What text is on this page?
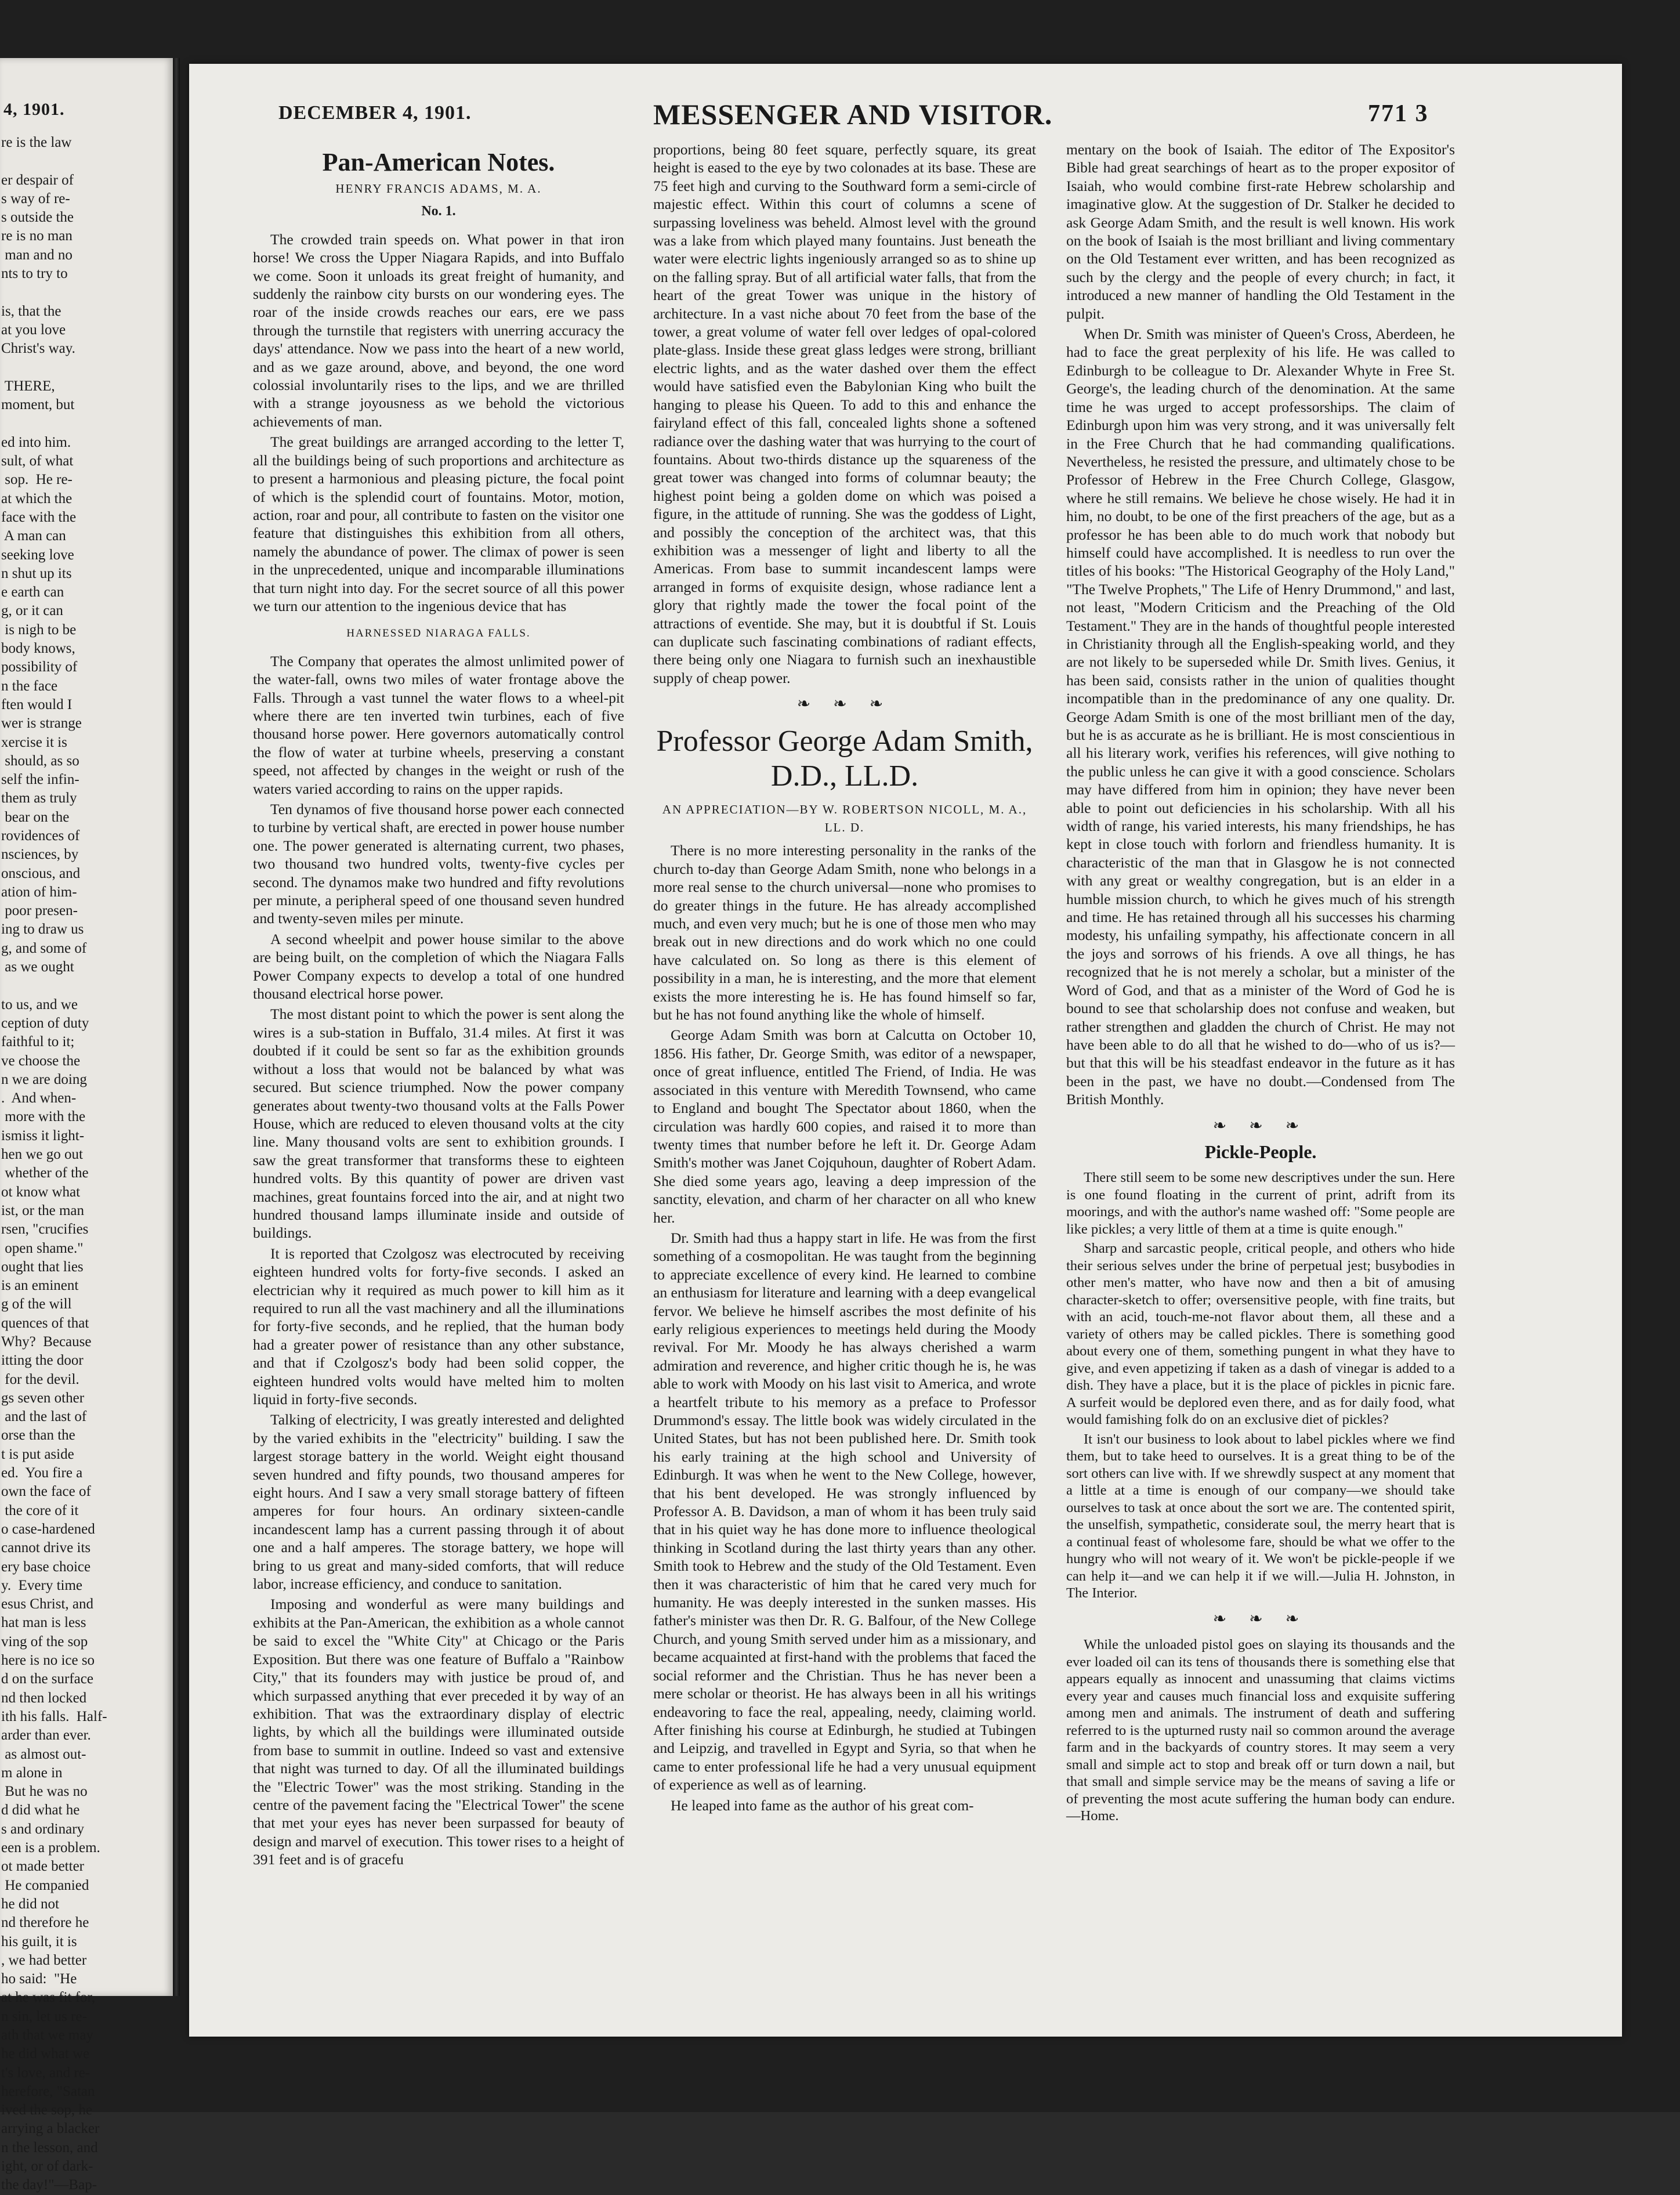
4, 1901.
re is the law

er despair of
s way of re-
s outside the
re is no man
man and no
nts to try to

is, that the
at you love
Christ's way.

THERE,
moment, but

ed into him.
sult, of what
sop.  He re-
at which the
face with the
A man can
seeking love
n shut up its
e earth can
g, or it can
is nigh to be
body knows,
possibility of
n the face
ften would I
wer is strange
xercise it is
should, as so
self the infin-
them as truly
bear on the
rovidences of
nsciences, by
onscious, and
ation of him-
poor presen-
ing to draw us
g, and some of
as we ought

to us, and we
ception of duty
faithful to it;
ve choose the
n we are doing
.  And when-
more with the
ismiss it light-
hen we go out
whether of the
ot know what
ist, or the man
rsen, "crucifies
open shame."
ought that lies
is an eminent
g of the will
quences of that
Why?  Because
itting the door
for the devil.
gs seven other
and the last of
orse than the
t is put aside
ed.  You fire a
own the face of
the core of it
o case-hardened
cannot drive its
ery base choice
y.  Every time
esus Christ, and
hat man is less
ving of the sop
here is no ice so
d on the surface
nd then locked
ith his falls.  Half-
arder than ever.
as almost out-
m alone in
But he was no
d did what he
s and ordinary
een is a problem.
ot made better
He companied
he did not
nd therefore he
his guilt, it is
, we had better
ho said:  "He
at he was fit for,
n sin, let us re-
ath that we may
he did what we
t's love, and re-
herefore, "Satan
ived the sop, he
arrying a blacker
n the lesson, and
ight, or of dark-
the day!"—Bap-
DECEMBER 4, 1901.	MESSENGER AND VISITOR.	771 3
Pan-American Notes.
HENRY FRANCIS ADAMS, M. A.
No. 1.

The crowded train speeds on. What power in that iron horse! We cross the Upper Niagara Rapids, and into Buffalo we come. Soon it unloads its great freight of humanity, and suddenly the rainbow city bursts on our wondering eyes. The roar of the inside crowds reaches our ears, ere we pass through the turnstile that registers with unerring accuracy the days' attendance. Now we pass into the heart of a new world, and as we gaze around, above, and beyond, the one word colossial involuntarily rises to the lips, and we are thrilled with a strange joyousness as we behold the victorious achievements of man.

The great buildings are arranged according to the letter T, all the buildings being of such proportions and architecture as to present a harmonious and pleasing picture, the focal point of which is the splendid court of fountains. Motor, motion, action, roar and pour, all contribute to fasten on the visitor one feature that distinguishes this exhibition from all others, namely the abundance of power. The climax of power is seen in the unprecedented, unique and incomparable illuminations that turn night into day. For the secret source of all this power we turn our attention to the ingenious device that has

HARNESSED NIARAGA FALLS.

The Company that operates the almost unlimited power of the water-fall, owns two miles of water frontage above the Falls. Through a vast tunnel the water flows to a wheel-pit where there are ten inverted twin turbines, each of five thousand horse power. Here governors automatically control the flow of water at turbine wheels, preserving a constant speed, not affected by changes in the weight or rush of the waters varied according to rains on the upper rapids.

Ten dynamos of five thousand horse power each connected to turbine by vertical shaft, are erected in power house number one. The power generated is alternating current, two phases, two thousand two hundred volts, twenty-five cycles per second. The dynamos make two hundred and fifty revolutions per minute, a peripheral speed of one thousand seven hundred and twenty-seven miles per minute.

A second wheelpit and power house similar to the above are being built, on the completion of which the Niagara Falls Power Company expects to develop a total of one hundred thousand electrical horse power.

The most distant point to which the power is sent along the wires is a sub-station in Buffalo, 31.4 miles. At first it was doubted if it could be sent so far as the exhibition grounds without a loss that would not be balanced by what was secured. But science triumphed. Now the power company generates about twenty-two thousand volts at the Falls Power House, which are reduced to eleven thousand volts at the city line. Many thousand volts are sent to exhibition grounds. I saw the great transformer that transforms these to eighteen hundred volts. By this quantity of power are driven vast machines, great fountains forced into the air, and at night two hundred thousand lamps illuminate inside and outside of buildings.

It is reported that Czolgosz was electrocuted by receiving eighteen hundred volts for forty-five seconds. I asked an electrician why it required as much power to kill him as it required to run all the vast machinery and all the illuminations for forty-five seconds, and he replied, that the human body had a greater power of resistance than any other substance, and that if Czolgosz's body had been solid copper, the eighteen hundred volts would have melted him to molten liquid in forty-five seconds.

Talking of electricity, I was greatly interested and delighted by the varied exhibits in the "electricity" building. I saw the largest storage battery in the world. Weight eight thousand seven hundred and fifty pounds, two thousand amperes for eight hours. And I saw a very small storage battery of fifteen amperes for four hours. An ordinary sixteen-candle incandescent lamp has a current passing through it of about one and a half amperes. The storage battery, we hope will bring to us great and many-sided comforts, that will reduce labor, increase efficiency, and conduce to sanitation.

Imposing and wonderful as were many buildings and exhibits at the Pan-American, the exhibition as a whole cannot be said to excel the "White City" at Chicago or the Paris Exposition. But there was one feature of Buffalo a "Rainbow City," that its founders may with justice be proud of, and which surpassed anything that ever preceded it by way of an exhibition. That was the extraordinary display of electric lights, by which all the buildings were illuminated outside from base to summit in outline. Indeed so vast and extensive that night was turned to day. Of all the illuminated buildings the "Electric Tower" was the most striking. Standing in the centre of the pavement facing the "Electrical Tower" the scene that met your eyes has never been surpassed for beauty of design and marvel of execution. This tower rises to a height of 391 feet and is of gracefu

proportions, being 80 feet square, perfectly square, its great height is eased to the eye by two colonades at its base. These are 75 feet high and curving to the Southward form a semi-circle of majestic effect. Within this court of columns a scene of surpassing loveliness was beheld. Almost level with the ground was a lake from which played many fountains. Just beneath the water were electric lights ingeniously arranged so as to shine up on the falling spray. But of all artificial water falls, that from the heart of the great Tower was unique in the history of architecture. In a vast niche about 70 feet from the base of the tower, a great volume of water fell over ledges of opal-colored plate-glass. Inside these great glass ledges were strong, brilliant electric lights, and as the water dashed over them the effect would have satisfied even the Babylonian King who built the hanging to please his Queen. To add to this and enhance the fairyland effect of this fall, concealed lights shone a softened radiance over the dashing water that was hurrying to the court of fountains. About two-thirds distance up the squareness of the great tower was changed into forms of columnar beauty; the highest point being a golden dome on which was poised a figure, in the attitude of running. She was the goddess of Light, and possibly the conception of the architect was, that this exhibition was a messenger of light and liberty to all the Americas. From base to summit incandescent lamps were arranged in forms of exquisite design, whose radiance lent a glory that rightly made the tower the focal point of the attractions of eventide. She may, but it is doubtful if St. Louis can duplicate such fascinating combinations of radiant effects, there being only one Niagara to furnish such an inexhaustible supply of cheap power.

❧ ❧ ❧
Professor George Adam Smith, D.D., LL.D.
AN APPRECIATION—BY W. ROBERTSON NICOLL, M. A., LL. D.

There is no more interesting personality in the ranks of the church to-day than George Adam Smith, none who belongs in a more real sense to the church universal—none who promises to do greater things in the future. He has already accomplished much, and even very much; but he is one of those men who may break out in new directions and do work which no one could have calculated on. So long as there is this element of possibility in a man, he is interesting, and the more that element exists the more interesting he is. He has found himself so far, but he has not found anything like the whole of himself.

George Adam Smith was born at Calcutta on October 10, 1856. His father, Dr. George Smith, was editor of a newspaper, once of great influence, entitled The Friend, of India. He was associated in this venture with Meredith Townsend, who came to England and bought The Spectator about 1860, when the circulation was hardly 600 copies, and raised it to more than twenty times that number before he left it. Dr. George Adam Smith's mother was Janet Cojquhoun, daughter of Robert Adam. She died some years ago, leaving a deep impression of the sanctity, elevation, and charm of her character on all who knew her.

Dr. Smith had thus a happy start in life. He was from the first something of a cosmopolitan. He was taught from the beginning to appreciate excellence of every kind. He learned to combine an enthusiasm for literature and learning with a deep evangelical fervor. We believe he himself ascribes the most definite of his early religious experiences to meetings held during the Moody revival. For Mr. Moody he has always cherished a warm admiration and reverence, and higher critic though he is, he was able to work with Moody on his last visit to America, and wrote a heartfelt tribute to his memory as a preface to Professor Drummond's essay. The little book was widely circulated in the United States, but has not been published here. Dr. Smith took his early training at the high school and University of Edinburgh. It was when he went to the New College, however, that his bent developed. He was strongly influenced by Professor A. B. Davidson, a man of whom it has been truly said that in his quiet way he has done more to influence theological thinking in Scotland during the last thirty years than any other. Smith took to Hebrew and the study of the Old Testament. Even then it was characteristic of him that he cared very much for humanity. He was deeply interested in the sunken masses. His father's minister was then Dr. R. G. Balfour, of the New College Church, and young Smith served under him as a missionary, and became acquainted at first-hand with the problems that faced the social reformer and the Christian. Thus he has never been a mere scholar or theorist. He has always been in all his writings endeavoring to face the real, appealing, needy, claiming world. After finishing his course at Edinburgh, he studied at Tubingen and Leipzig, and travelled in Egypt and Syria, so that when he came to enter professional life he had a very unusual equipment of experience as well as of learning.

He leaped into fame as the author of his great com-

mentary on the book of Isaiah. The editor of The Expositor's Bible had great searchings of heart as to the proper expositor of Isaiah, who would combine first-rate Hebrew scholarship and imaginative glow. At the suggestion of Dr. Stalker he decided to ask George Adam Smith, and the result is well known. His work on the book of Isaiah is the most brilliant and living commentary on the Old Testament ever written, and has been recognized as such by the clergy and the people of every church; in fact, it introduced a new manner of handling the Old Testament in the pulpit.

When Dr. Smith was minister of Queen's Cross, Aberdeen, he had to face the great perplexity of his life. He was called to Edinburgh to be colleague to Dr. Alexander Whyte in Free St. George's, the leading church of the denomination. At the same time he was urged to accept professorships. The claim of Edinburgh upon him was very strong, and it was universally felt in the Free Church that he had commanding qualifications. Nevertheless, he resisted the pressure, and ultimately chose to be Professor of Hebrew in the Free Church College, Glasgow, where he still remains. We believe he chose wisely. He had it in him, no doubt, to be one of the first preachers of the age, but as a professor he has been able to do much work that nobody but himself could have accomplished. It is needless to run over the titles of his books: "The Historical Geography of the Holy Land," "The Twelve Prophets," The Life of Henry Drummond," and last, not least, "Modern Criticism and the Preaching of the Old Testament." They are in the hands of thoughtful people interested in Christianity through all the English-speaking world, and they are not likely to be superseded while Dr. Smith lives. Genius, it has been said, consists rather in the union of qualities thought incompatible than in the predominance of any one quality. Dr. George Adam Smith is one of the most brilliant men of the day, but he is as accurate as he is brilliant. He is most conscientious in all his literary work, verifies his references, will give nothing to the public unless he can give it with a good conscience. Scholars may have differed from him in opinion; they have never been able to point out deficiencies in his scholarship. With all his width of range, his varied interests, his many friendships, he has kept in close touch with forlorn and friendless humanity. It is characteristic of the man that in Glasgow he is not connected with any great or wealthy congregation, but is an elder in a humble mission church, to which he gives much of his strength and time. He has retained through all his successes his charming modesty, his unfailing sympathy, his affectionate concern in all the joys and sorrows of his friends. A ove all things, he has recognized that he is not merely a scholar, but a minister of the Word of God, and that as a minister of the Word of God he is bound to see that scholarship does not confuse and weaken, but rather strengthen and gladden the church of Christ. He may not have been able to do all that he wished to do—who of us is?—but that this will be his steadfast endeavor in the future as it has been in the past, we have no doubt.—Condensed from The British Monthly.

❧ ❧ ❧
Pickle-People.

There still seem to be some new descriptives under the sun. Here is one found floating in the current of print, adrift from its moorings, and with the author's name washed off: "Some people are like pickles; a very little of them at a time is quite enough."

Sharp and sarcastic people, critical people, and others who hide their serious selves under the brine of perpetual jest; busybodies in other men's matter, who have now and then a bit of amusing character-sketch to offer; oversensitive people, with fine traits, but with an acid, touch-me-not flavor about them, all these and a variety of others may be called pickles. There is something good about every one of them, something pungent in what they have to give, and even appetizing if taken as a dash of vinegar is added to a dish. They have a place, but it is the place of pickles in picnic fare. A surfeit would be deplored even there, and as for daily food, what would famishing folk do on an exclusive diet of pickles?

It isn't our business to look about to label pickles where we find them, but to take heed to ourselves. It is a great thing to be of the sort others can live with. If we shrewdly suspect at any moment that a little at a time is enough of our company—we should take ourselves to task at once about the sort we are. The contented spirit, the unselfish, sympathetic, considerate soul, the merry heart that is a continual feast of wholesome fare, should be what we offer to the hungry who will not weary of it. We won't be pickle-people if we can help it—and we can help it if we will.—Julia H. Johnston, in The Interior.

❧ ❧ ❧

While the unloaded pistol goes on slaying its thousands and the ever loaded oil can its tens of thousands there is something else that appears equally as innocent and unassuming that claims victims every year and causes much financial loss and exquisite suffering among men and animals. The instrument of death and suffering referred to is the upturned rusty nail so common around the average farm and in the backyards of country stores. It may seem a very small and simple act to stop and break off or turn down a nail, but that small and simple service may be the means of saving a life or of preventing the most acute suffering the human body can endure.—Home.
